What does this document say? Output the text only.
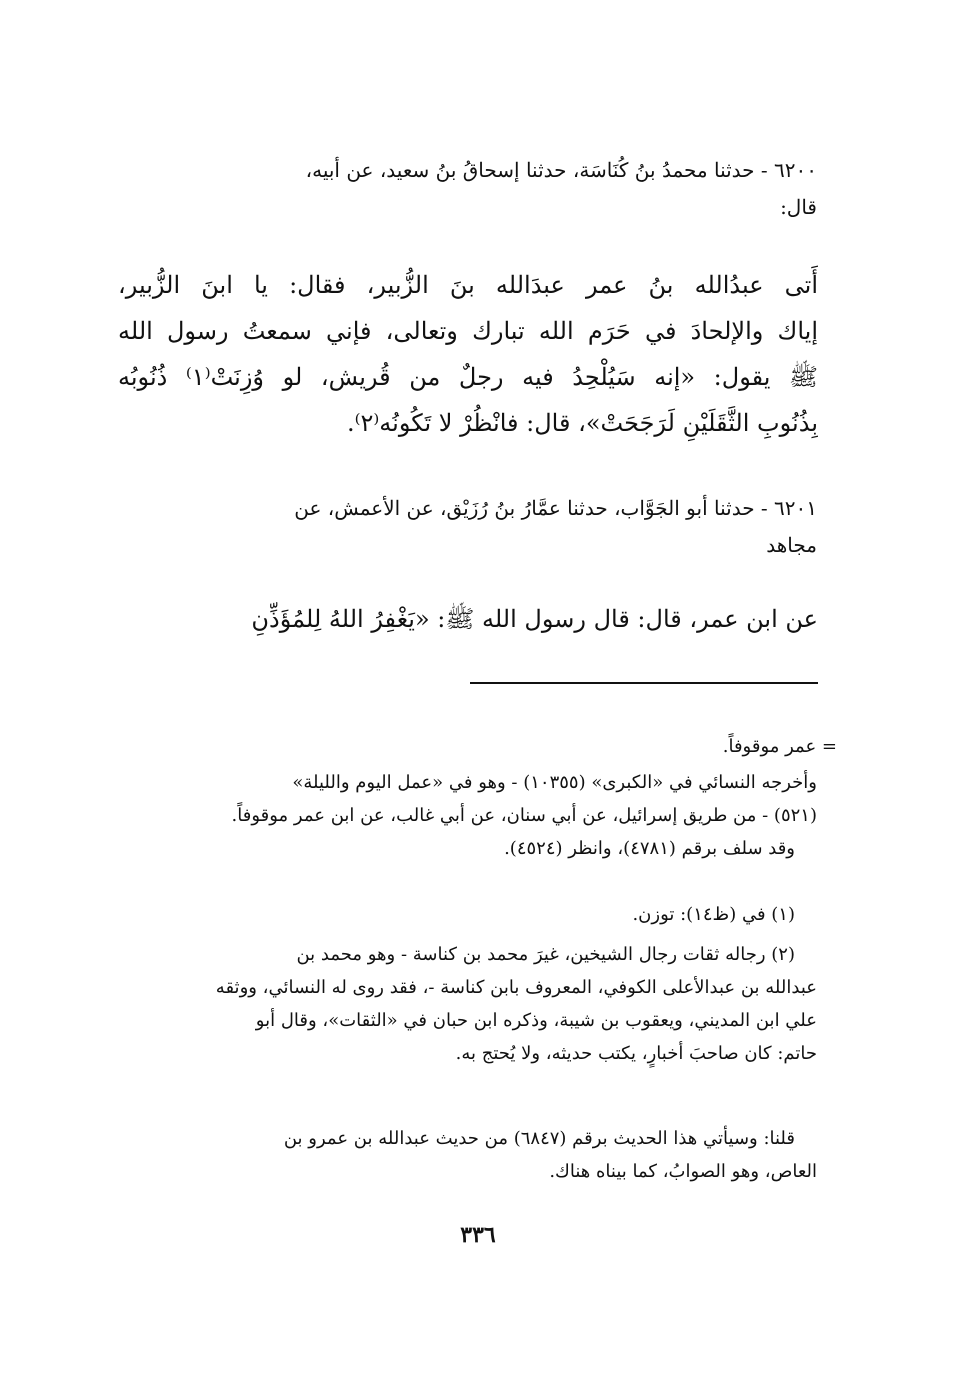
٦٢٠٠ - حدثنا محمدُ بنُ كُنَاسَة، حدثنا إسحاقُ بنُ سعيد، عن أبيه،
قال:
أَتى عبدُالله بنُ عمر عبدَالله بنَ الزُّبير، فقال: يا ابنَ الزُّبير،
إياك والإلحادَ في حَرَم الله تبارك وتعالى، فإني سمعتُ رسول الله
ﷺ يقول: «إنه سَيُلْحِدُ فيه رجلٌ من قُريش، لو وُزِنَتْ⁽١⁾ ذُنُوبُه
بِذُنُوبِ الثَّقَلَيْنِ لَرَجَحَتْ»، قال: فانْظُرْ لا تَكُونُه⁽٢⁾.
٦٢٠١ - حدثنا أبو الجَوَّاب، حدثنا عمَّارُ بنُ رُزَيْق، عن الأعمش، عن
مجاهد
عن ابن عمر، قال: قال رسول الله ﷺ: «يَغْفِرُ اللهُ لِلمُؤَذِّنِ
= عمر موقوفاً.
وأخرجه النسائي في «الكبرى» (١٠٣٥٥) - وهو في «عمل اليوم والليلة»
(٥٢١) - من طريق إسرائيل، عن أبي سنان، عن أبي غالب، عن ابن عمر موقوفاً.
وقد سلف برقم (٤٧٨١)، وانظر (٤٥٢٤).
(١) في (ظ١٤): توزن.
(٢) رجاله ثقات رجال الشيخين، غيرَ محمد بن كناسة - وهو محمد بن
عبدالله بن عبدالأعلى الكوفي، المعروف بابن كناسة -، فقد روى له النسائي، ووثقه
علي ابن المديني، ويعقوب بن شيبة، وذكره ابن حبان في «الثقات»، وقال أبو
حاتم: كان صاحبَ أخبارٍ، يكتب حديثه، ولا يُحتج به.
قلنا: وسيأتي هذا الحديث برقم (٦٨٤٧) من حديث عبدالله بن عمرو بن
العاص، وهو الصوابُ، كما بيناه هناك.
٣٣٦
